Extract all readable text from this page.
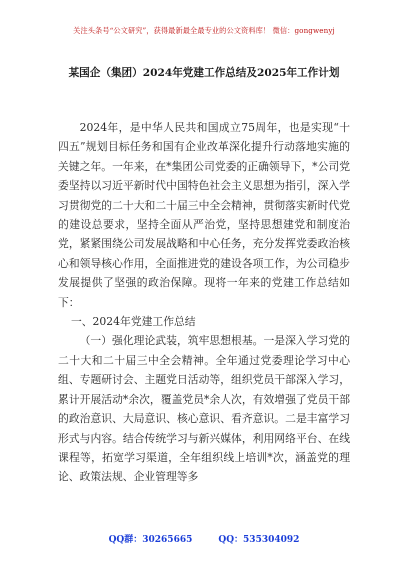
关注头条号“公文研究”，获得最新最全最专业的公文资料库！ 微信：gongwenyj
某国企（集团）2024年党建工作总结及2025年工作计划

2024年，是中华人民共和国成立75周年，也是实现“十四五”规划目标任务和国有企业改革深化提升行动落地实施的关键之年。一年来，在*集团公司党委的正确领导下，*公司党委坚持以习近平新时代中国特色社会主义思想为指引，深入学习贯彻党的二十大和二十届三中全会精神，贯彻落实新时代党的建设总要求，坚持全面从严治党，坚持思想建党和制度治党，紧紧围绕公司发展战略和中心任务，充分发挥党委政治核心和领导核心作用，全面推进党的建设各项工作，为公司稳步发展提供了坚强的政治保障。现将一年来的党建工作总结如下：

一、2024年党建工作总结

（一）强化理论武装，筑牢思想根基。一是深入学习党的二十大和二十届三中全会精神。全年通过党委理论学习中心组、专题研讨会、主题党日活动等，组织党员干部深入学习，累计开展活动*余次，覆盖党员*余人次，有效增强了党员干部的政治意识、大局意识、核心意识、看齐意识。二是丰富学习形式与内容。结合传统学习与新兴媒体，利用网络平台、在线课程等，拓宽学习渠道，全年组织线上培训*次，涵盖党的理论、政策法规、企业管理等多

QQ群：30265665	QQ：535304092
